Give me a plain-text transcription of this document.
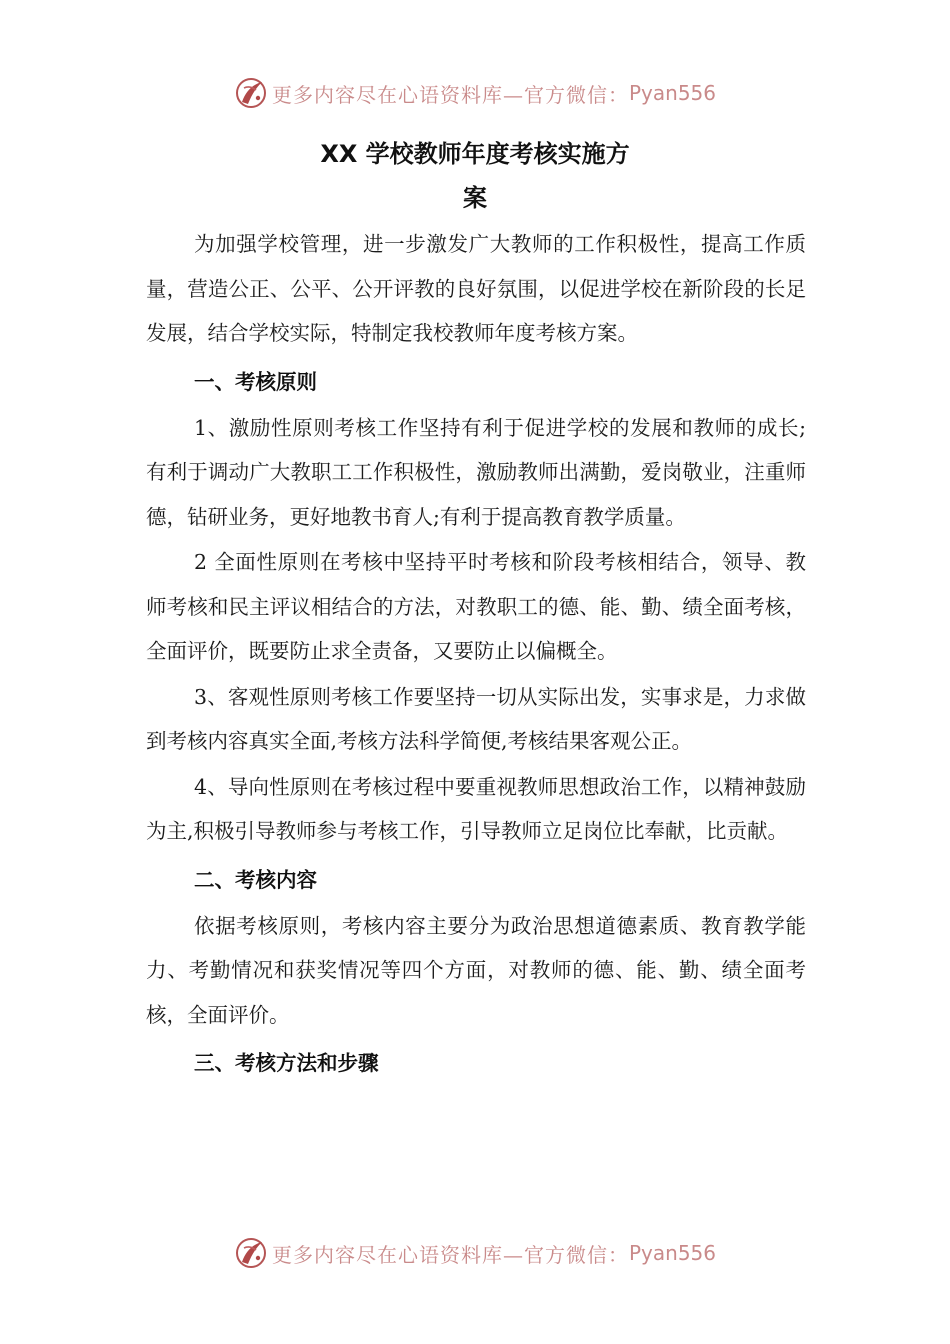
更多内容尽在心语资料库—官方微信： Pyan556
XX 学校教师年度考核实施方
案

为加强学校管理，进一步激发广大教师的工作积极性，提高工作质量，营造公正、公平、公开评教的良好氛围，以促进学校在新阶段的长足发展，结合学校实际，特制定我校教师年度考核方案。

一、考核原则

1、激励性原则考核工作坚持有利于促进学校的发展和教师的成长;有利于调动广大教职工工作积极性，激励教师出满勤，爱岗敬业，注重师德，钻研业务，更好地教书育人;有利于提高教育教学质量。

2 全面性原则在考核中坚持平时考核和阶段考核相结合，领导、教师考核和民主评议相结合的方法，对教职工的德、能、勤、绩全面考核，全面评价，既要防止求全责备，又要防止以偏概全。

3、客观性原则考核工作要坚持一切从实际出发，实事求是，力求做到考核内容真实全面,考核方法科学简便,考核结果客观公正。

4、导向性原则在考核过程中要重视教师思想政治工作，以精神鼓励为主,积极引导教师参与考核工作，引导教师立足岗位比奉献，比贡献。

二、考核内容

依据考核原则，考核内容主要分为政治思想道德素质、教育教学能力、考勤情况和获奖情况等四个方面，对教师的德、能、勤、绩全面考核，全面评价。

三、考核方法和步骤
更多内容尽在心语资料库—官方微信： Pyan556
